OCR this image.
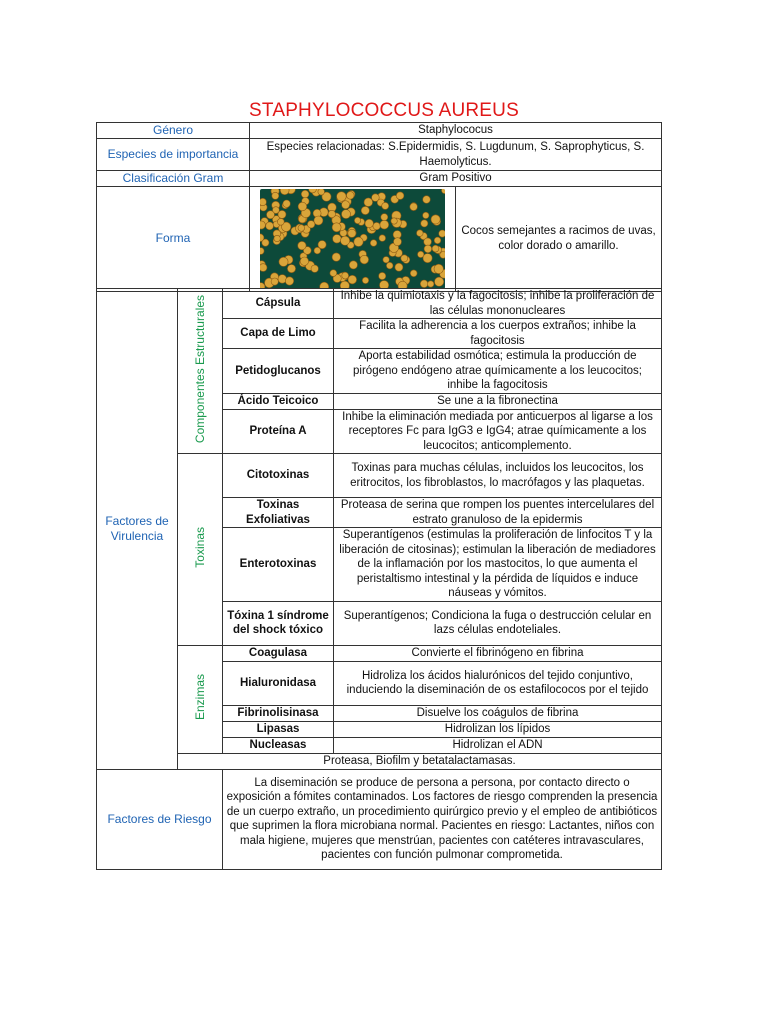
STAPHYLOCOCCUS AUREUS
Género	Staphylococus	
Especies de importancia	Especies relacionadas: S.Epidermidis, S. Lugdunum, S. Saprophyticus, S. Haemolyticus.	
Clasificación Gram	Gram Positivo	
Forma		Cocos semejantes a racimos de uvas, color dorado o amarillo.
Factores de Virulencia	Componentes Estructurales	Cápsula	Inhibe la quimiotaxis y la fagocitosis; inhibe la proliferación de las células mononucleares
		Capa de Limo	Facilita la adherencia a los cuerpos extraños; inhibe la fagocitosis
		Petidoglucanos	Aporta estabilidad osmótica; estimula la producción de pirógeno endógeno atrae químicamente a los leucocitos; inhibe la fagocitosis
		Ácido Teicoico	Se une a la fibronectina
		Proteína A	Inhibe la eliminación mediada por anticuerpos al ligarse a los receptores Fc para IgG3 e IgG4; atrae químicamente a los leucocitos; anticomplemento.
	Toxinas	Citotoxinas	Toxinas para muchas células, incluidos los leucocitos, los eritrocitos, los fibroblastos, lo macrófagos y las plaquetas.
		Toxinas Exfoliativas	Proteasa de serina que rompen los puentes intercelulares del estrato granuloso de la epidermis
		Enterotoxinas	Superantígenos (estimulas la proliferación de linfocitos T y la liberación de citosinas); estimulan la liberación de mediadores de la inflamación por los mastocitos, lo que aumenta el peristaltismo intestinal y la pérdida de líquidos e induce náuseas y vómitos.
		Tóxina 1 síndrome del shock tóxico	Superantígenos; Condiciona la fuga o destrucción celular en lazs células endoteliales.
	Enzimas	Coagulasa	Convierte el fibrinógeno en fibrina
		Hialuronidasa	Hidroliza los ácidos hialurónicos del tejido conjuntivo, induciendo la diseminación de os estafilococos por el tejido
		Fibrinolisinasa	Disuelve los coágulos de fibrina
		Lipasas	Hidrolizan los lípidos
		Nucleasas	Hidrolizan el ADN
	Proteasa, Biofilm y betatalactamasas.		
Factores de Riesgo		La diseminación se produce de persona a persona, por contacto directo o exposición a fómites contaminados. Los factores de riesgo comprenden la presencia de un cuerpo extraño, un procedimiento quirúrgico previo y el empleo de antibióticos que suprimen la flora microbiana normal. Pacientes en riesgo: Lactantes, niños con mala higiene, mujeres que menstrúan, pacientes con catéteres intravasculares, pacientes con función pulmonar comprometida.	
